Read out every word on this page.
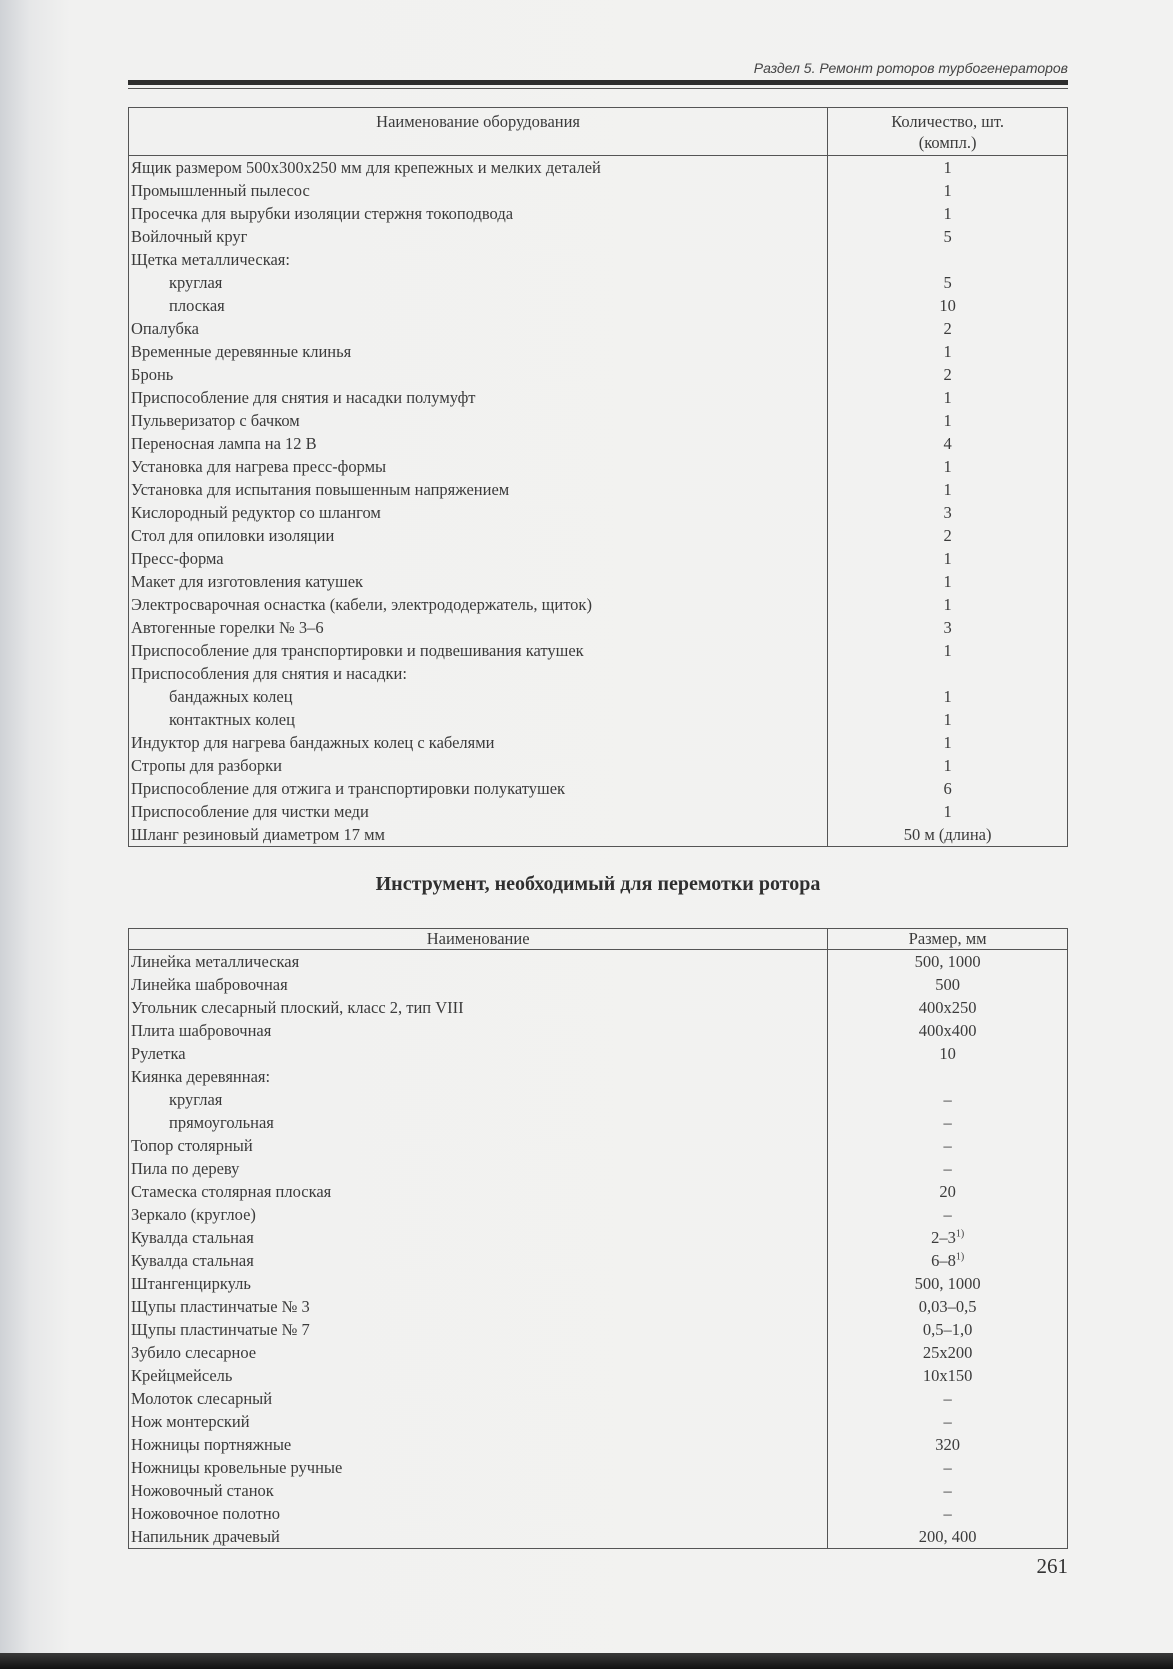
Раздел 5. Ремонт роторов турбогенераторов
Наименование оборудования	Количество, шт.
(компл.)
Ящик размером 500x300x250 мм для крепежных и мелких деталей	1
Промышленный пылесос	1
Просечка для вырубки изоляции стержня токоподвода	1
Войлочный круг	5
Щетка металлическая:	
круглая	5
плоская	10
Опалубка	2
Временные деревянные клинья	1
Бронь	2
Приспособление для снятия и насадки полумуфт	1
Пульверизатор с бачком	1
Переносная лампа на 12 В	4
Установка для нагрева пресс-формы	1
Установка для испытания повышенным напряжением	1
Кислородный редуктор со шлангом	3
Стол для опиловки изоляции	2
Пресс-форма	1
Макет для изготовления катушек	1
Электросварочная оснастка (кабели, электрододержатель, щиток)	1
Автогенные горелки № 3–6	3
Приспособление для транспортировки и подвешивания катушек	1
Приспособления для снятия и насадки:	
бандажных колец	1
контактных колец	1
Индуктор для нагрева бандажных колец с кабелями	1
Стропы для разборки	1
Приспособление для отжига и транспортировки полукатушек	6
Приспособление для чистки меди	1
Шланг резиновый диаметром 17 мм	50 м (длина)
Инструмент, необходимый для перемотки ротора
Наименование	Размер, мм
Линейка металлическая	500, 1000
Линейка шабровочная	500
Угольник слесарный плоский, класс 2, тип VIII	400x250
Плита шабровочная	400x400
Рулетка	10
Киянка деревянная:	
круглая	–
прямоугольная	–
Топор столярный	–
Пила по дереву	–
Стамеска столярная плоская	20
Зеркало (круглое)	–
Кувалда стальная	2–3$^{1)}$
Кувалда стальная	6–8$^{1)}$
Штангенциркуль	500, 1000
Щупы пластинчатые № 3	0,03–0,5
Щупы пластинчатые № 7	0,5–1,0
Зубило слесарное	25x200
Крейцмейсель	10x150
Молоток слесарный	–
Нож монтерский	–
Ножницы портняжные	320
Ножницы кровельные ручные	–
Ножовочный станок	–
Ножовочное полотно	–
Напильник драчевый	200, 400
261
